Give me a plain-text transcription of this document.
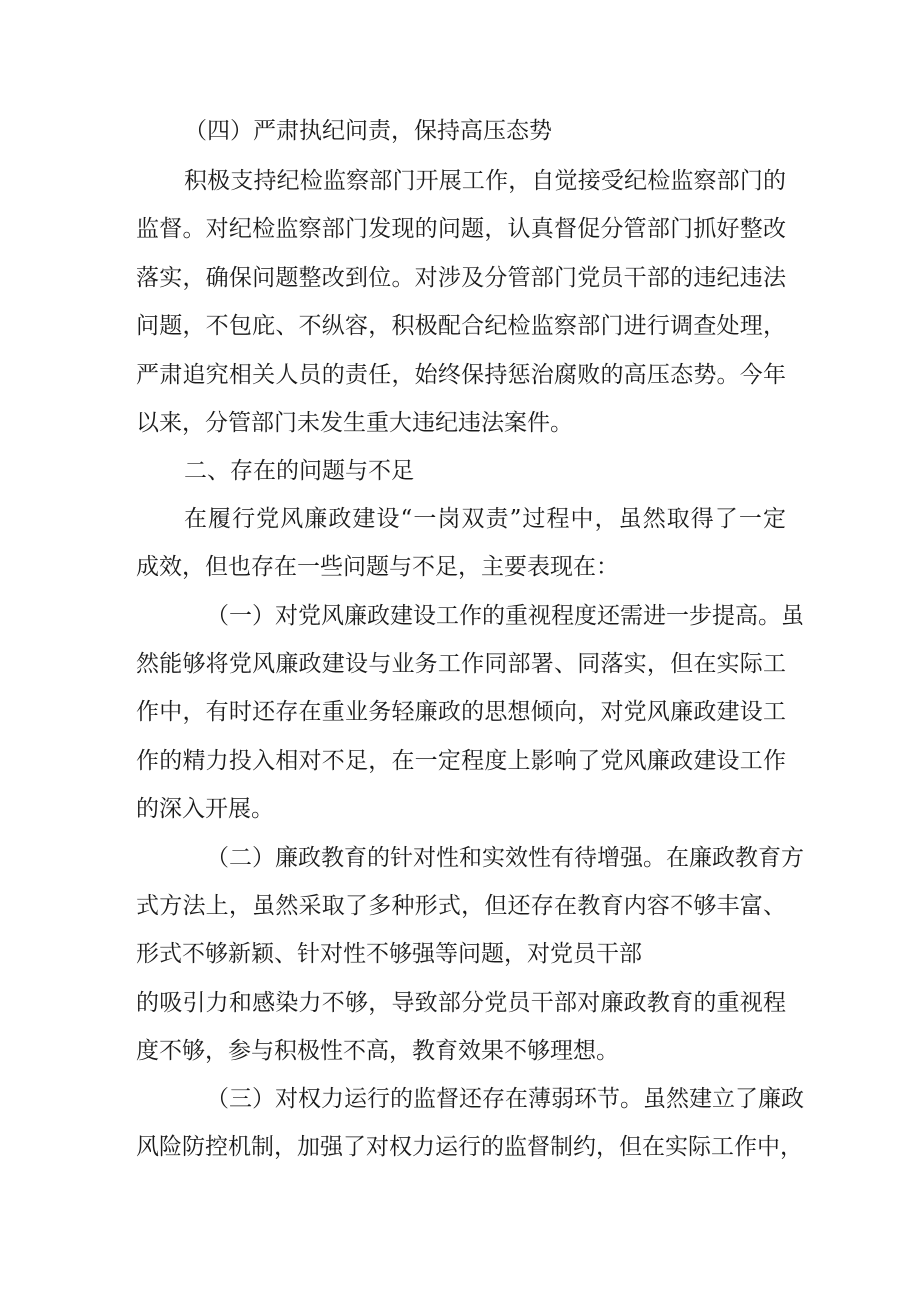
（四）严肃执纪问责，保持高压态势
积极支持纪检监察部门开展工作，自觉接受纪检监察部门的
监督。对纪检监察部门发现的问题，认真督促分管部门抓好整改
落实，确保问题整改到位。对涉及分管部门党员干部的违纪违法
问题，不包庇、不纵容，积极配合纪检监察部门进行调查处理，
严肃追究相关人员的责任，始终保持惩治腐败的高压态势。今年
以来，分管部门未发生重大违纪违法案件。
二、存在的问题与不足
在履行党风廉政建设“一岗双责”过程中，虽然取得了一定
成效，但也存在一些问题与不足，主要表现在：
（一）对党风廉政建设工作的重视程度还需进一步提高。虽
然能够将党风廉政建设与业务工作同部署、同落实，但在实际工
作中，有时还存在重业务轻廉政的思想倾向，对党风廉政建设工
作的精力投入相对不足，在一定程度上影响了党风廉政建设工作
的深入开展。
（二）廉政教育的针对性和实效性有待增强。在廉政教育方
式方法上，虽然采取了多种形式，但还存在教育内容不够丰富、
形式不够新颖、针对性不够强等问题，对党员干部
的吸引力和感染力不够，导致部分党员干部对廉政教育的重视程
度不够，参与积极性不高，教育效果不够理想。
（三）对权力运行的监督还存在薄弱环节。虽然建立了廉政
风险防控机制，加强了对权力运行的监督制约，但在实际工作中，
